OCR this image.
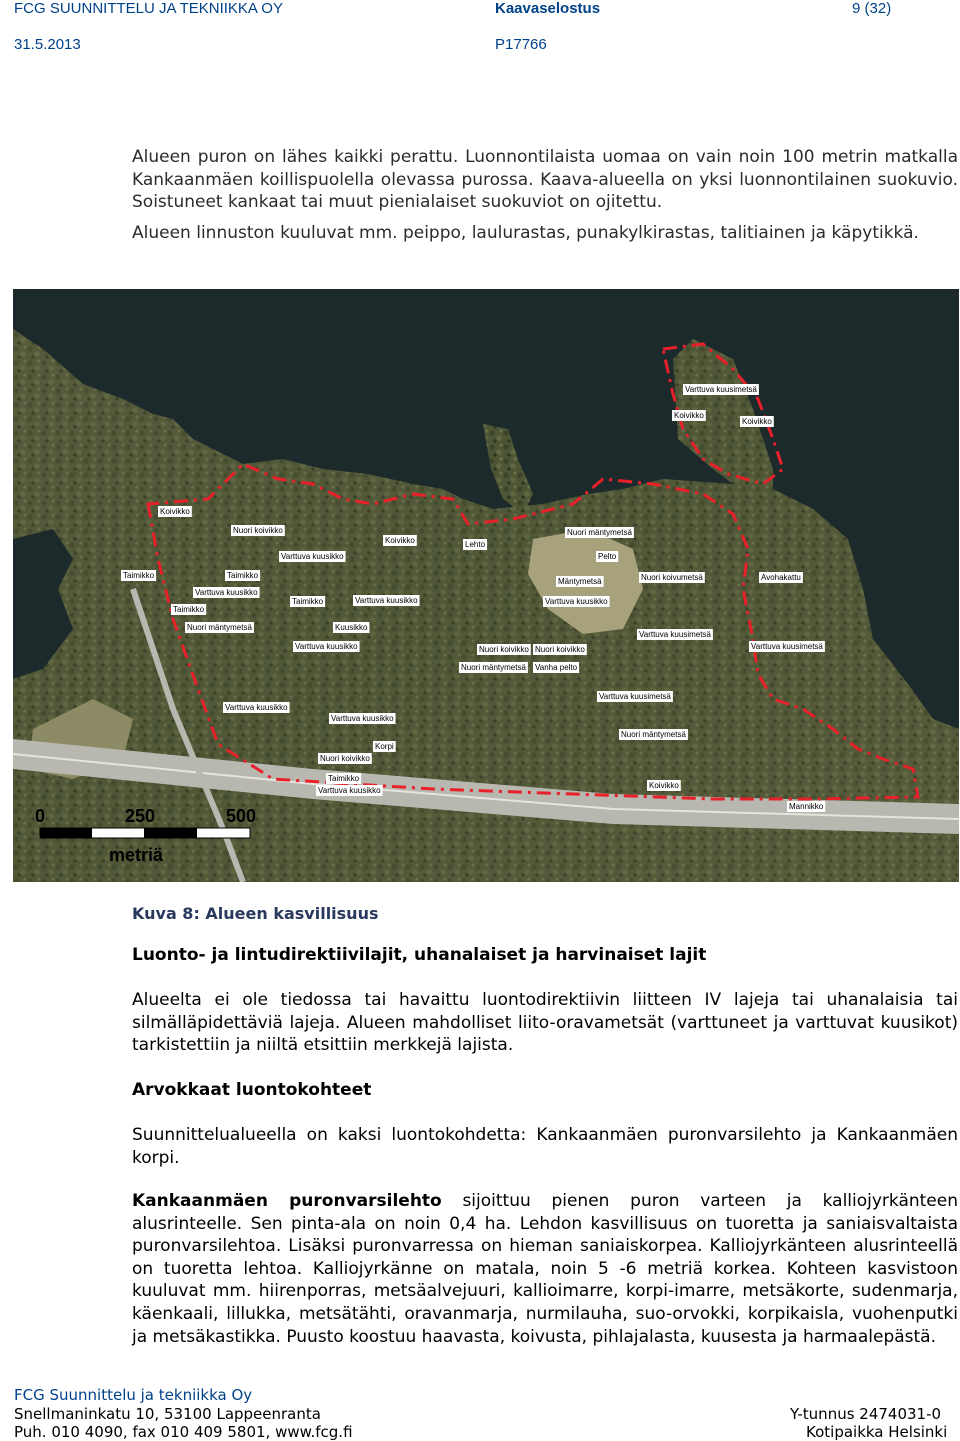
FCG SUUNNITTELU JA TEKNIIKKA OY	Kaavaselostus	9 (32)
31.5.2013	P17766
Alueen puron on lähes kaikki perattu. Luonnontilaista uomaa on vain noin 100 metrin matkalla Kankaanmäen koillispuolella olevassa purossa. Kaava-alueella on yksi luonnontilainen suokuvio. Soistuneet kankaat tai muut pienialaiset suokuviot on ojitettu.
Alueen linnuston kuuluvat mm. peippo, laulurastas, punakylkirastas, talitiainen ja käpytikkä.
Koivikko
Nuori koivikko
Varttuva kuusikko
Taimikko	Taimikko
Varttuva kuusikko
Taimikko
Taimikko	Varttuva kuusikko
Nuori mäntymetsä	Kuusikko
Varttuva kuusikko
Koivikko	Lehto
Mäntymetsä
Varttuva kuusikko
Nuori koivikko
Nuori mäntymetsä
Nuori koivikko
Vanha pelto
Pelto
Nuori mäntymetsä
Nuori koivumetsä	Avohakattu
Varttuva kuusimetsä
Varttuva kuusimetsä
Varttuva kuusikko
Varttuva kuusimetsä
Nuori mäntymetsä
Varttuva kuusikko
Korpi
Nuori koivikko
Taimikko
Varttuva kuusikko
Koivikko
Mannikko
Varttuva kuusimetsä
Koivikko
Koivikko
0	250	500
metriä
Kuva 8: Alueen kasvillisuus
Luonto- ja lintudirektiivilajit, uhanalaiset ja harvinaiset lajit
Alueelta ei ole tiedossa tai havaittu luontodirektiivin liitteen IV lajeja tai uhanalaisia tai silmälläpidettäviä lajeja. Alueen mahdolliset liito-oravametsät (varttuneet ja varttuvat kuusikot) tarkistettiin ja niiltä etsittiin merkkejä lajista.
Arvokkaat luontokohteet
Suunnittelualueella on kaksi luontokohdetta: Kankaanmäen puronvarsilehto ja Kankaanmäen korpi.
Kankaanmäen puronvarsilehto sijoittuu pienen puron varteen ja kalliojyrkänteen alusrinteelle. Sen pinta-ala on noin 0,4 ha. Lehdon kasvillisuus on tuoretta ja saniaisvaltaista puronvarsilehtoa. Lisäksi puronvarressa on hieman saniaiskorpea. Kalliojyrkänteen alusrinteellä on tuoretta lehtoa. Kalliojyrkänne on matala, noin 5 -6 metriä korkea. Kohteen kasvistoon kuuluvat mm. hiirenporras, metsäalvejuuri, kallioimarre, korpi-imarre, metsäkorte, sudenmarja, käenkaali, lillukka, metsätähti, oravanmarja, nurmilauha, suo-orvokki, korpikaisla, vuohenputki ja metsäkastikka. Puusto koostuu haavasta, koivusta, pihlajalasta, kuusesta ja harmaalepästä.
FCG Suunnittelu ja tekniikka Oy
Snellmaninkatu 10, 53100 Lappeenranta
Puh. 010 4090, fax 010 409 5801, www.fcg.fi
Y-tunnus 2474031-0
Kotipaikka Helsinki
